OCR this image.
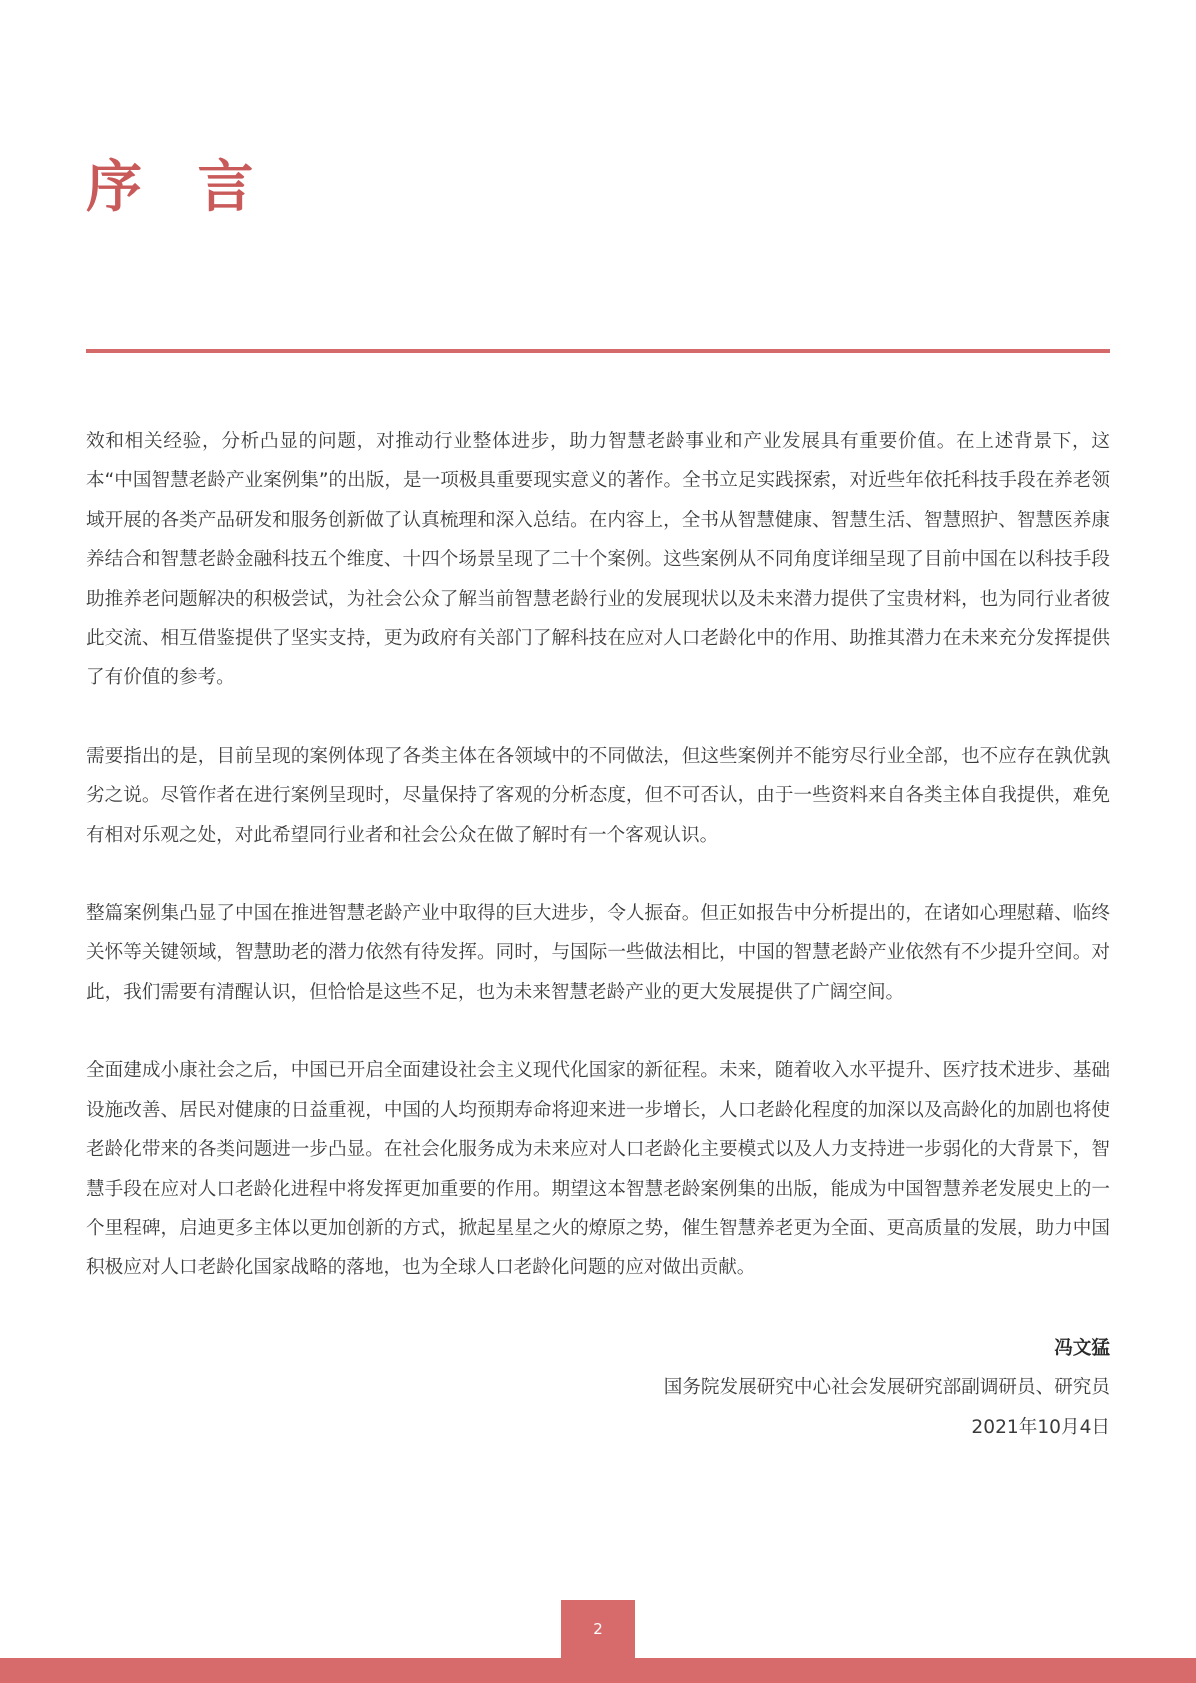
序 言

效和相关经验，分析凸显的问题，对推动行业整体进步，助力智慧老龄事业和产业发展具有重要价值。在上述背景下，这本“中国智慧老龄产业案例集”的出版，是一项极具重要现实意义的著作。全书立足实践探索，对近些年依托科技手段在养老领域开展的各类产品研发和服务创新做了认真梳理和深入总结。在内容上，全书从智慧健康、智慧生活、智慧照护、智慧医养康养结合和智慧老龄金融科技五个维度、十四个场景呈现了二十个案例。这些案例从不同角度详细呈现了目前中国在以科技手段助推养老问题解决的积极尝试，为社会公众了解当前智慧老龄行业的发展现状以及未来潜力提供了宝贵材料，也为同行业者彼此交流、相互借鉴提供了坚实支持，更为政府有关部门了解科技在应对人口老龄化中的作用、助推其潜力在未来充分发挥提供了有价值的参考。

需要指出的是，目前呈现的案例体现了各类主体在各领域中的不同做法，但这些案例并不能穷尽行业全部，也不应存在孰优孰劣之说。尽管作者在进行案例呈现时，尽量保持了客观的分析态度，但不可否认，由于一些资料来自各类主体自我提供，难免有相对乐观之处，对此希望同行业者和社会公众在做了解时有一个客观认识。

整篇案例集凸显了中国在推进智慧老龄产业中取得的巨大进步，令人振奋。但正如报告中分析提出的，在诸如心理慰藉、临终关怀等关键领域，智慧助老的潜力依然有待发挥。同时，与国际一些做法相比，中国的智慧老龄产业依然有不少提升空间。对此，我们需要有清醒认识，但恰恰是这些不足，也为未来智慧老龄产业的更大发展提供了广阔空间。

全面建成小康社会之后，中国已开启全面建设社会主义现代化国家的新征程。未来，随着收入水平提升、医疗技术进步、基础设施改善、居民对健康的日益重视，中国的人均预期寿命将迎来进一步增长，人口老龄化程度的加深以及高龄化的加剧也将使老龄化带来的各类问题进一步凸显。在社会化服务成为未来应对人口老龄化主要模式以及人力支持进一步弱化的大背景下，智慧手段在应对人口老龄化进程中将发挥更加重要的作用。期望这本智慧老龄案例集的出版，能成为中国智慧养老发展史上的一个里程碑，启迪更多主体以更加创新的方式，掀起星星之火的燎原之势，催生智慧养老更为全面、更高质量的发展，助力中国积极应对人口老龄化国家战略的落地，也为全球人口老龄化问题的应对做出贡献。

冯文猛
国务院发展研究中心社会发展研究部副调研员、研究员
2021年10月4日
2
